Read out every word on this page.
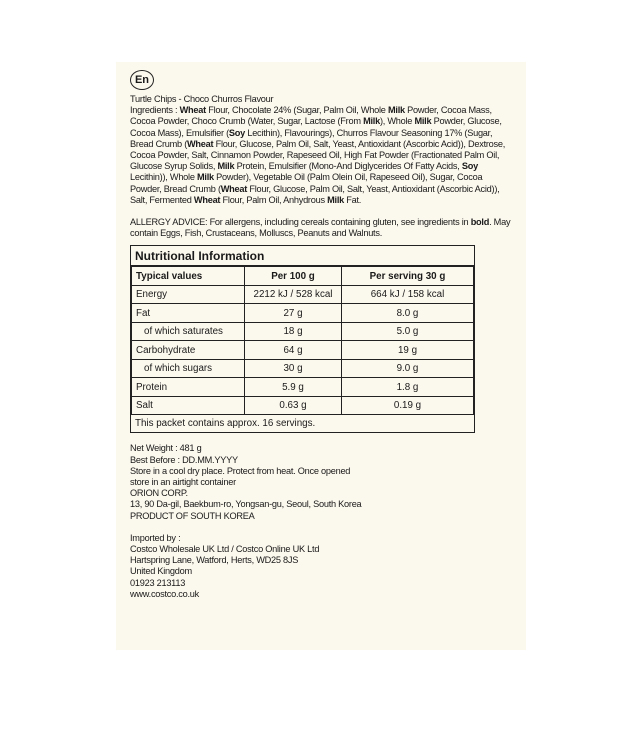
En
Turtle Chips - Choco Churros Flavour
Ingredients : Wheat Flour, Chocolate 24% (Sugar, Palm Oil, Whole Milk Powder, Cocoa Mass, Cocoa Powder, Choco Crumb (Water, Sugar, Lactose (From Milk), Whole Milk Powder, Glucose, Cocoa Mass), Emulsifier (Soy Lecithin), Flavourings), Churros Flavour Seasoning 17% (Sugar, Bread Crumb (Wheat Flour, Glucose, Palm Oil, Salt, Yeast, Antioxidant (Ascorbic Acid)), Dextrose, Cocoa Powder, Salt, Cinnamon Powder, Rapeseed Oil, High Fat Powder (Fractionated Palm Oil, Glucose Syrup Solids, Milk Protein, Emulsifier (Mono-And Diglycerides Of Fatty Acids, Soy Lecithin)), Whole Milk Powder), Vegetable Oil (Palm Olein Oil, Rapeseed Oil), Sugar, Cocoa Powder, Bread Crumb (Wheat Flour, Glucose, Palm Oil, Salt, Yeast, Antioxidant (Ascorbic Acid)), Salt, Fermented Wheat Flour, Palm Oil, Anhydrous Milk Fat.
ALLERGY ADVICE: For allergens, including cereals containing gluten, see ingredients in bold. May contain Eggs, Fish, Crustaceans, Molluscs, Peanuts and Walnuts.
Nutritional Information
Typical values	Per 100 g	Per serving 30 g
Energy	2212 kJ / 528 kcal	664 kJ / 158 kcal
Fat	27 g	8.0 g
of which saturates	18 g	5.0 g
Carbohydrate	64 g	19 g
of which sugars	30 g	9.0 g
Protein	5.9 g	1.8 g
Salt	0.63 g	0.19 g
This packet contains approx. 16 servings.
Net Weight : 481 g
Best Before : DD.MM.YYYY
Store in a cool dry place. Protect from heat. Once opened store in an airtight container
ORION CORP.
13, 90 Da-gil, Baekbum-ro, Yongsan-gu, Seoul, South Korea
PRODUCT OF SOUTH KOREA
Imported by :
Costco Wholesale UK Ltd / Costco Online UK Ltd
Hartspring Lane, Watford, Herts, WD25 8JS
United Kingdom
01923 213113
www.costco.co.uk
